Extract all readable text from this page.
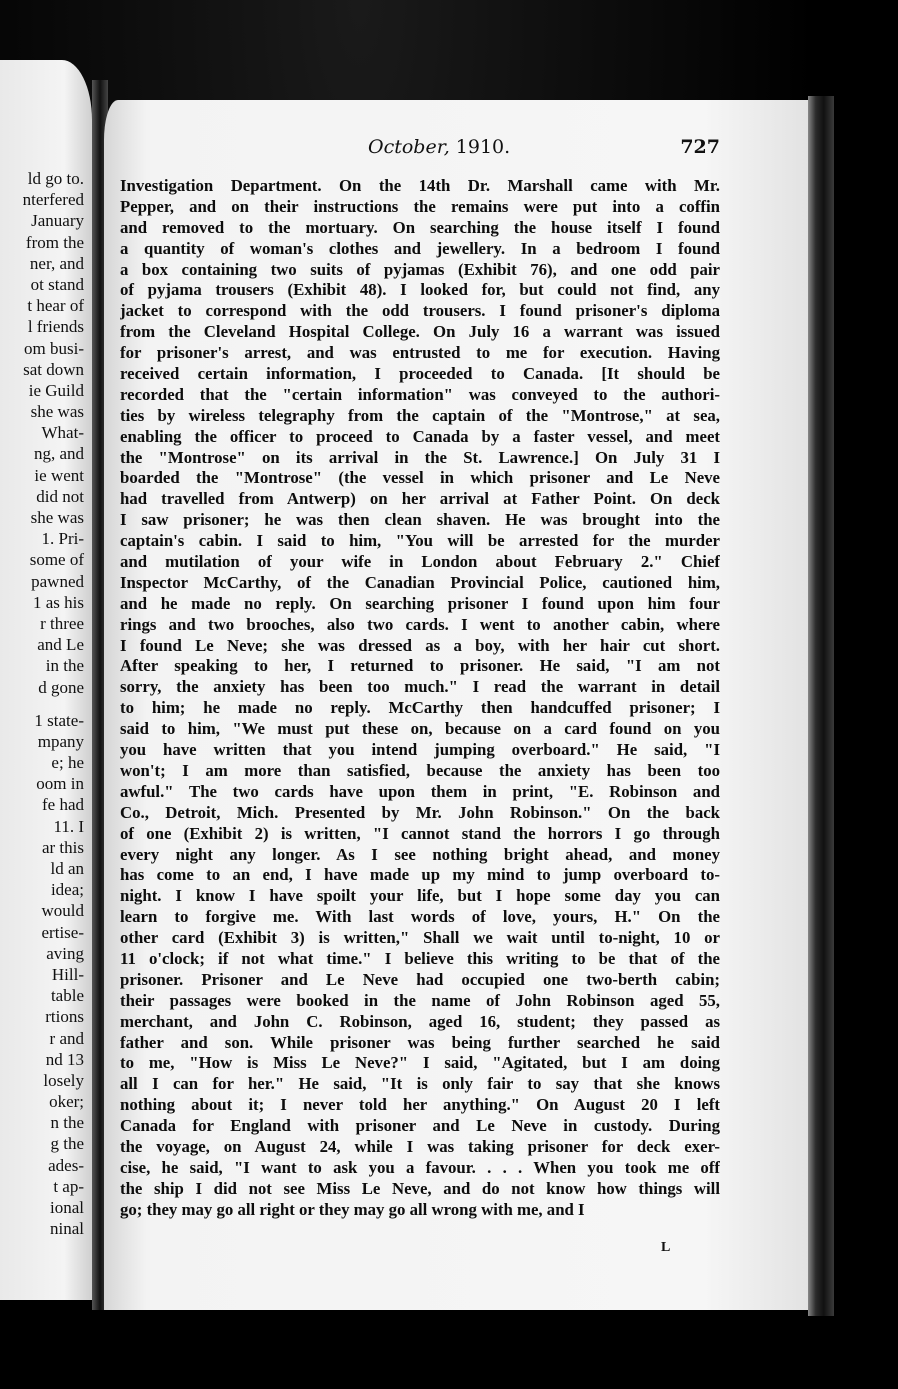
ld go to.
nterfered
January
from the
ner, and
ot stand
t hear of
l friends
om busi-
sat down
ie Guild
she was
What-
ng, and
ie went
did not
she was
1. Pri-
some of
pawned
1 as his
r three
and Le
in the
d gone
1 state-
mpany
e; he
oom in
fe had
11. I
ar this
ld an
idea;
would
ertise-
aving
Hill-
table
rtions
r and
nd 13
losely
oker;
n the
g the
ades-
t ap-
ional
ninal
October, 1910.	727
Investigation Department. On the 14th Dr. Marshall came with Mr.
Pepper, and on their instructions the remains were put into a coffin
and removed to the mortuary. On searching the house itself I found
a quantity of woman's clothes and jewellery. In a bedroom I found
a box containing two suits of pyjamas (Exhibit 76), and one odd pair
of pyjama trousers (Exhibit 48). I looked for, but could not find, any
jacket to correspond with the odd trousers. I found prisoner's diploma
from the Cleveland Hospital College. On July 16 a warrant was issued
for prisoner's arrest, and was entrusted to me for execution. Having
received certain information, I proceeded to Canada. [It should be
recorded that the "certain information" was conveyed to the authori-
ties by wireless telegraphy from the captain of the "Montrose," at sea,
enabling the officer to proceed to Canada by a faster vessel, and meet
the "Montrose" on its arrival in the St. Lawrence.] On July 31 I
boarded the "Montrose" (the vessel in which prisoner and Le Neve
had travelled from Antwerp) on her arrival at Father Point. On deck
I saw prisoner; he was then clean shaven. He was brought into the
captain's cabin. I said to him, "You will be arrested for the murder
and mutilation of your wife in London about February 2." Chief
Inspector McCarthy, of the Canadian Provincial Police, cautioned him,
and he made no reply. On searching prisoner I found upon him four
rings and two brooches, also two cards. I went to another cabin, where
I found Le Neve; she was dressed as a boy, with her hair cut short.
After speaking to her, I returned to prisoner. He said, "I am not
sorry, the anxiety has been too much." I read the warrant in detail
to him; he made no reply. McCarthy then handcuffed prisoner; I
said to him, "We must put these on, because on a card found on you
you have written that you intend jumping overboard." He said, "I
won't; I am more than satisfied, because the anxiety has been too
awful." The two cards have upon them in print, "E. Robinson and
Co., Detroit, Mich. Presented by Mr. John Robinson." On the back
of one (Exhibit 2) is written, "I cannot stand the horrors I go through
every night any longer. As I see nothing bright ahead, and money
has come to an end, I have made up my mind to jump overboard to-
night. I know I have spoilt your life, but I hope some day you can
learn to forgive me. With last words of love, yours, H." On the
other card (Exhibit 3) is written," Shall we wait until to-night, 10 or
11 o'clock; if not what time." I believe this writing to be that of the
prisoner. Prisoner and Le Neve had occupied one two-berth cabin;
their passages were booked in the name of John Robinson aged 55,
merchant, and John C. Robinson, aged 16, student; they passed as
father and son. While prisoner was being further searched he said
to me, "How is Miss Le Neve?" I said, "Agitated, but I am doing
all I can for her." He said, "It is only fair to say that she knows
nothing about it; I never told her anything." On August 20 I left
Canada for England with prisoner and Le Neve in custody. During
the voyage, on August 24, while I was taking prisoner for deck exer-
cise, he said, "I want to ask you a favour. . . . When you took me off
the ship I did not see Miss Le Neve, and do not know how things will
go; they may go all right or they may go all wrong with me, and I
L
